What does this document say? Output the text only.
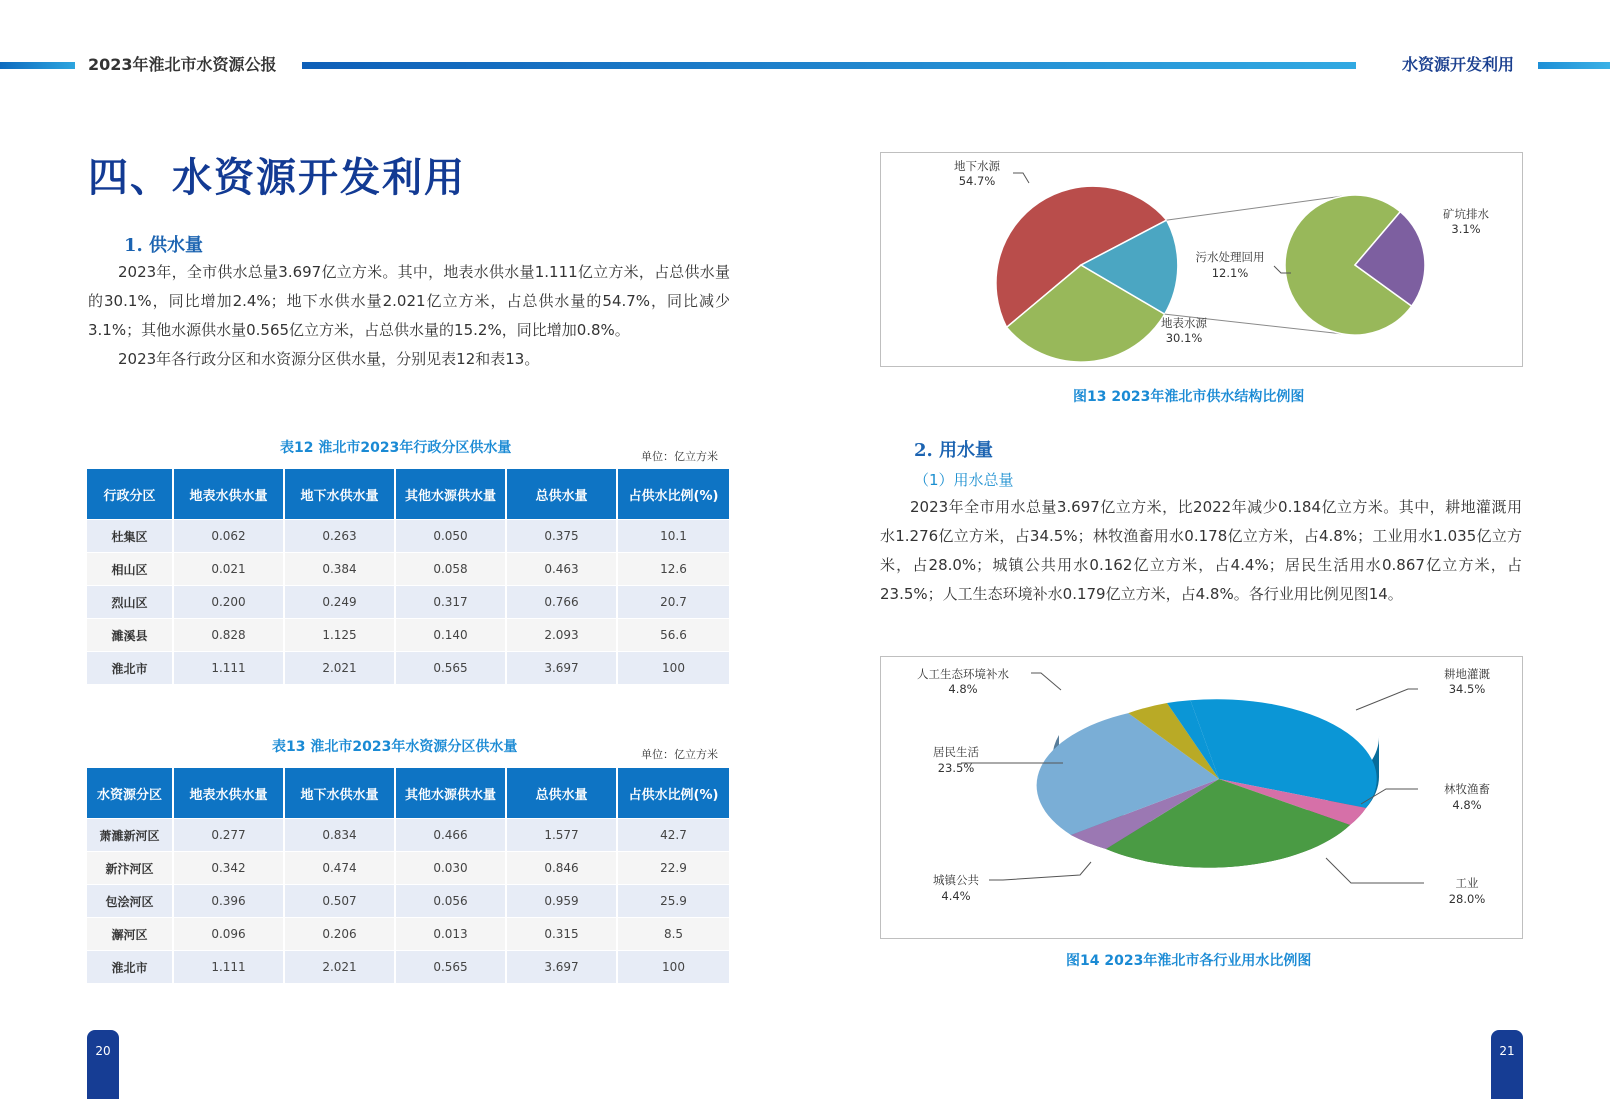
2023年淮北市水资源公报	水资源开发利用
四、水资源开发利用
1. 供水量

2023年，全市供水总量3.697亿立方米。其中，地表水供水量1.111亿立方米，占总供水量的30.1%，同比增加2.4%；地下水供水量2.021亿立方米，占总供水量的54.7%，同比减少3.1%；其他水源供水量0.565亿立方米，占总供水量的15.2%，同比增加0.8%。

2023年各行政分区和水资源分区供水量，分别见表12和表13。

表12 淮北市2023年行政分区供水量
单位：亿立方米
行政分区	地表水供水量	地下水供水量	其他水源供水量	总供水量	占供水比例(%)
杜集区	0.062	0.263	0.050	0.375	10.1
相山区	0.021	0.384	0.058	0.463	12.6
烈山区	0.200	0.249	0.317	0.766	20.7
濉溪县	0.828	1.125	0.140	2.093	56.6
淮北市	1.111	2.021	0.565	3.697	100
表13 淮北市2023年水资源分区供水量	单位：亿立方米
水资源分区	地表水供水量	地下水供水量	其他水源供水量	总供水量	占供水比例(%)
萧濉新河区	0.277	0.834	0.466	1.577	42.7
新汴河区	0.342	0.474	0.030	0.846	22.9
包浍河区	0.396	0.507	0.056	0.959	25.9
澥河区	0.096	0.206	0.013	0.315	8.5
淮北市	1.111	2.021	0.565	3.697	100
地下水源
54.7%
地表水源
30.1%
污水处理回用
12.1%
矿坑排水
3.1%
图13 2023年淮北市供水结构比例图
2. 用水量
（1）用水总量

2023年全市用水总量3.697亿立方米，比2022年减少0.184亿立方米。其中，耕地灌溉用水1.276亿立方米，占34.5%；林牧渔畜用水0.178亿立方米，占4.8%；工业用水1.035亿立方米，占28.0%；城镇公共用水0.162亿立方米，占4.4%；居民生活用水0.867亿立方米，占23.5%；人工生态环境补水0.179亿立方米，占4.8%。各行业用比例见图14。

人工生态环境补水
4.8%
居民生活
23.5%
城镇公共
4.4%
耕地灌溉
34.5%
林牧渔畜
4.8%
工业
28.0%
图14 2023年淮北市各行业用水比例图
20	21
